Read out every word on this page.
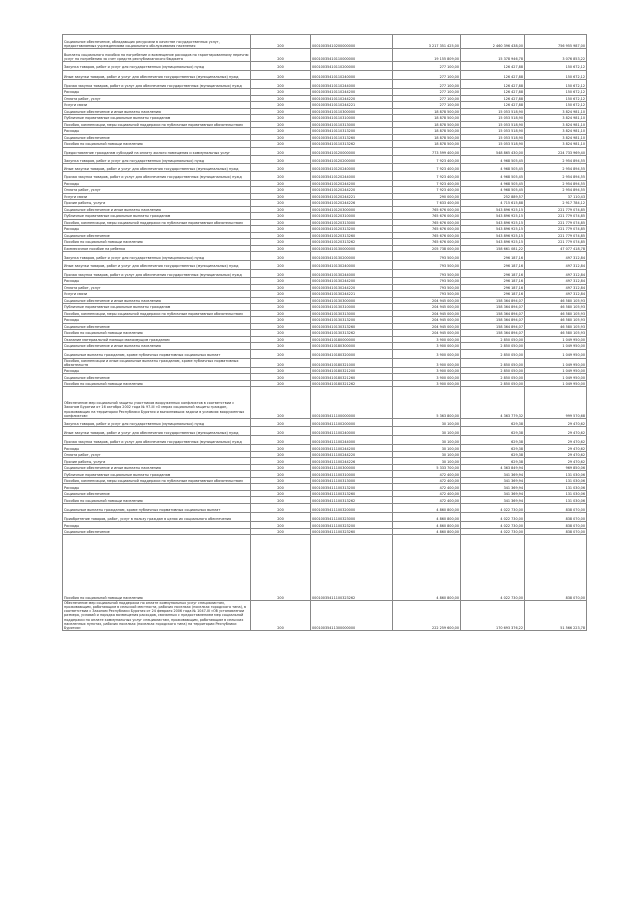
Социальное обеспечение, обладающих ресурсами в качестве государственных услуг, предоставляемых учреждениями социального обслуживания населения	200	00010035410200000000	3 217 351 425,00	2 460 396 438,00	756 955 987,00
Выплаты социального пособия на погребение и возмещение расходов по гарантированному перечню услуг по погребению за счет средств республиканского бюджета	200	00010035410110000000	19 155 809,00	15 378 946,78	3 076 853,22
Закупка товаров, работ и услуг для государственных (муниципальных) нужд	200	00010035410110200000	277 100,00	126 427,88	150 672,12
Иные закупки товаров, работ и услуг для обеспечения государственных (муниципальных) нужд	200	00010035410110240000	277 100,00	126 427,88	150 672,12
Прочая закупка товаров, работ и услуг для обеспечения государственных (муниципальных) нужд	200	00010035410110244000	277 100,00	126 427,88	150 672,12
Расходы	200	00010035410110244200	277 100,00	126 427,88	150 672,12
Оплата работ, услуг	200	00010035410110244220	277 100,00	126 427,88	150 672,12
Услуги связи	200	00010035410110244221	277 100,00	126 427,88	150 672,12
Социальное обеспечение и иные выплаты населению	200	00010035410110300000	18 878 500,00	15 053 518,90	3 824 981,10
Публичные нормативные социальные выплаты гражданам	200	00010035410110310000	18 878 500,00	15 053 518,90	3 824 981,10
Пособия, компенсации, меры социальной поддержки по публичным нормативным обязательствам	200	00010035410110313000	18 878 500,00	15 053 518,90	3 824 981,10
Расходы	200	00010035410110313200	18 878 500,00	15 053 518,90	3 824 981,10
Социальное обеспечение	200	00010035410110313260	18 878 500,00	15 053 518,90	3 824 981,10
Пособия по социальной помощи населению	200	00010035410110313262	18 878 500,00	15 053 518,90	3 824 981,10
Предоставление гражданам субсидий на оплату жилого помещения и коммунальных услуг	200	00010035410120000000	773 599 400,00	548 865 430,00	224 733 969,40
Закупка товаров, работ и услуг для государственных (муниципальных) нужд	200	00010035410120200000	7 923 400,00	4 968 505,45	2 954 894,55
Иные закупки товаров, работ и услуг для обеспечения государственных (муниципальных) нужд	200	00010035410120240000	7 923 400,00	4 968 505,45	2 954 894,55
Прочая закупка товаров, работ и услуг для обеспечения государственных (муниципальных) нужд	200	00010035410120244000	7 923 400,00	4 968 505,45	2 954 894,55
Расходы	200	00010035410120244200	7 923 400,00	4 968 505,45	2 954 894,55
Оплата работ, услуг	200	00010035410120244220	7 923 400,00	4 968 505,45	2 954 894,55
Услуги связи	200	00010035410120244221	290 000,00	252 889,57	37 110,43
Прочие работы, услуги	200	00010035410120244226	7 633 400,00	4 715 615,88	2 917 784,12
Социальное обеспечение и иные выплаты населению	200	00010035410120300000	765 676 000,00	543 896 925,15	221 779 074,85
Публичные нормативные социальные выплаты гражданам	200	00010035410120310000	765 676 000,00	543 896 925,15	221 779 074,85
Пособия, компенсации, меры социальной поддержки по публичным нормативным обязательствам	200	00010035410120313000	765 676 000,00	543 896 925,15	221 779 074,85
Расходы	200	00010035410120313200	765 676 000,00	543 896 925,15	221 779 074,85
Социальное обеспечение	200	00010035410120313260	765 676 000,00	543 896 925,15	221 779 074,85
Пособия по социальной помощи населению	200	00010035410120313262	765 676 000,00	543 896 925,15	221 779 074,85
Ежемесячное пособие на ребенка	200	00010035410130000000	205 738 000,00	158 661 081,22	47 077 418,78
Закупка товаров, работ и услуг для государственных (муниципальных) нужд	200	00010035410130200000	793 500,00	296 187,16	497 312,84
Иные закупки товаров, работ и услуг для обеспечения государственных (муниципальных) нужд	200	00010035410130240000	793 500,00	296 187,16	497 312,84
Прочая закупка товаров, работ и услуг для обеспечения государственных (муниципальных) нужд	200	00010035410130244000	793 500,00	296 187,16	497 312,84
Расходы	200	00010035410130244200	793 500,00	296 187,16	497 312,84
Оплата работ, услуг	200	00010035410130244220	793 500,00	296 187,16	497 312,84
Услуги связи	200	00010035410130244221	793 500,00	296 187,16	497 312,84
Социальное обеспечение и иные выплаты населению	200	00010035410130300000	204 945 000,00	158 364 894,07	46 580 105,93
Публичные нормативные социальные выплаты гражданам	200	00010035410130310000	204 945 000,00	158 364 894,07	46 580 105,93
Пособия, компенсации, меры социальной поддержки по публичным нормативным обязательствам	200	00010035410130313000	204 945 000,00	158 364 894,07	46 580 105,93
Расходы	200	00010035410130313200	204 945 000,00	158 364 894,07	46 580 105,93
Социальное обеспечение	200	00010035410130313260	204 945 000,00	158 364 894,07	46 580 105,93
Пособия по социальной помощи населению	200	00010035410130313262	204 945 000,00	158 364 894,07	46 580 105,93
Оказание материальной помощи малоимущим гражданам	200	00010035410180000000	3 900 000,00	2 850 050,00	1 049 950,00
Социальное обеспечение и иные выплаты населению	200	00010035410180300000	3 900 000,00	2 850 050,00	1 049 950,00
Социальные выплаты гражданам, кроме публичных нормативных социальных выплат	200	00010035410180320000	3 900 000,00	2 850 050,00	1 049 950,00
Пособия, компенсации и иные социальные выплаты гражданам, кроме публичных нормативных обязательств	200	00010035410180321000	3 900 000,00	2 850 050,00	1 049 950,00
Расходы	200	00010035410180321200	3 900 000,00	2 850 050,00	1 049 950,00
Социальное обеспечение	200	00010035410180321260	3 900 000,00	2 850 050,00	1 049 950,00
Пособия по социальной помощи населению	200	00010035410180321262	3 900 000,00	2 850 050,00	1 049 950,00

Обеспечение мер социальной защиты участников вооруженных конфликтов в соответствии с Законом Бурятии от 16 октября 2002 года № 97-III «О мерах социальной защиты граждан, проживающих на территории Республики Бурятия и выполнявших задачи в условиях вооруженных конфликтов»	200	00010035411100000000	5 363 800,00	4 363 779,32	999 570,68
Закупка товаров, работ и услуг для государственных (муниципальных) нужд	200	00010035411100200000	30 100,00	629,38	29 470,62
Иные закупки товаров, работ и услуг для обеспечения государственных (муниципальных) нужд	200	00010035411100240000	30 100,00	629,38	29 470,62
Прочая закупка товаров, работ и услуг для обеспечения государственных (муниципальных) нужд	200	00010035411100244000	30 100,00	629,38	29 470,62
Расходы	200	00010035411100244200	30 100,00	629,38	29 470,62
Оплата работ, услуг	200	00010035411100244220	30 100,00	629,38	29 470,62
Прочие работы, услуги	200	00010035411100244226	30 100,00	629,38	29 470,62
Социальное обеспечение и иные выплаты населению	200	00010035411100300000	5 333 700,00	4 363 849,94	969 850,06
Публичные нормативные социальные выплаты гражданам	200	00010035411100310000	472 400,00	341 369,94	131 030,06
Пособия, компенсации, меры социальной поддержки по публичным нормативным обязательствам	200	00010035411100313000	472 400,00	341 369,94	131 030,06
Расходы	200	00010035411100313200	472 400,00	341 369,94	131 030,06
Социальное обеспечение	200	00010035411100313260	472 400,00	341 369,94	131 030,06
Пособия по социальной помощи населению	200	00010035411100313262	472 400,00	341 369,94	131 030,06
Социальные выплаты гражданам, кроме публичных нормативных социальных выплат	200	00010035411100320000	4 860 800,00	4 022 730,00	838 070,00
Приобретение товаров, работ, услуг в пользу граждан в целях их социального обеспечения	200	00010035411100323000	4 860 800,00	4 022 730,00	838 070,00
Расходы	200	00010035411100323200	4 860 800,00	4 022 730,00	838 070,00
Социальное обеспечение	200	00010035411100323260	4 860 800,00	4 022 730,00	838 070,00

Пособия по социальной помощи населению	200	00010035411100323262	4 860 800,00	4 022 730,00	838 070,00
Обеспечение мер социальной поддержки по оплате коммунальных услуг специалистам, проживающим, работающим в сельской местности, рабочих поселках (поселках городского типа), в соответствии с Законом Республики Бурятия от 24 февраля 2006 года № 1047-III «Об установлении размера, условий и порядка возмещения расходов, связанных с предоставлением мер социальной поддержки по оплате коммунальных услуг специалистам, проживающим, работающим в сельских населенных пунктах, рабочих поселках (поселках городского типа) на территории Республики Бурятия»	200	00010035411300000000	222 259 600,00	170 693 376,22	51 566 223,78
